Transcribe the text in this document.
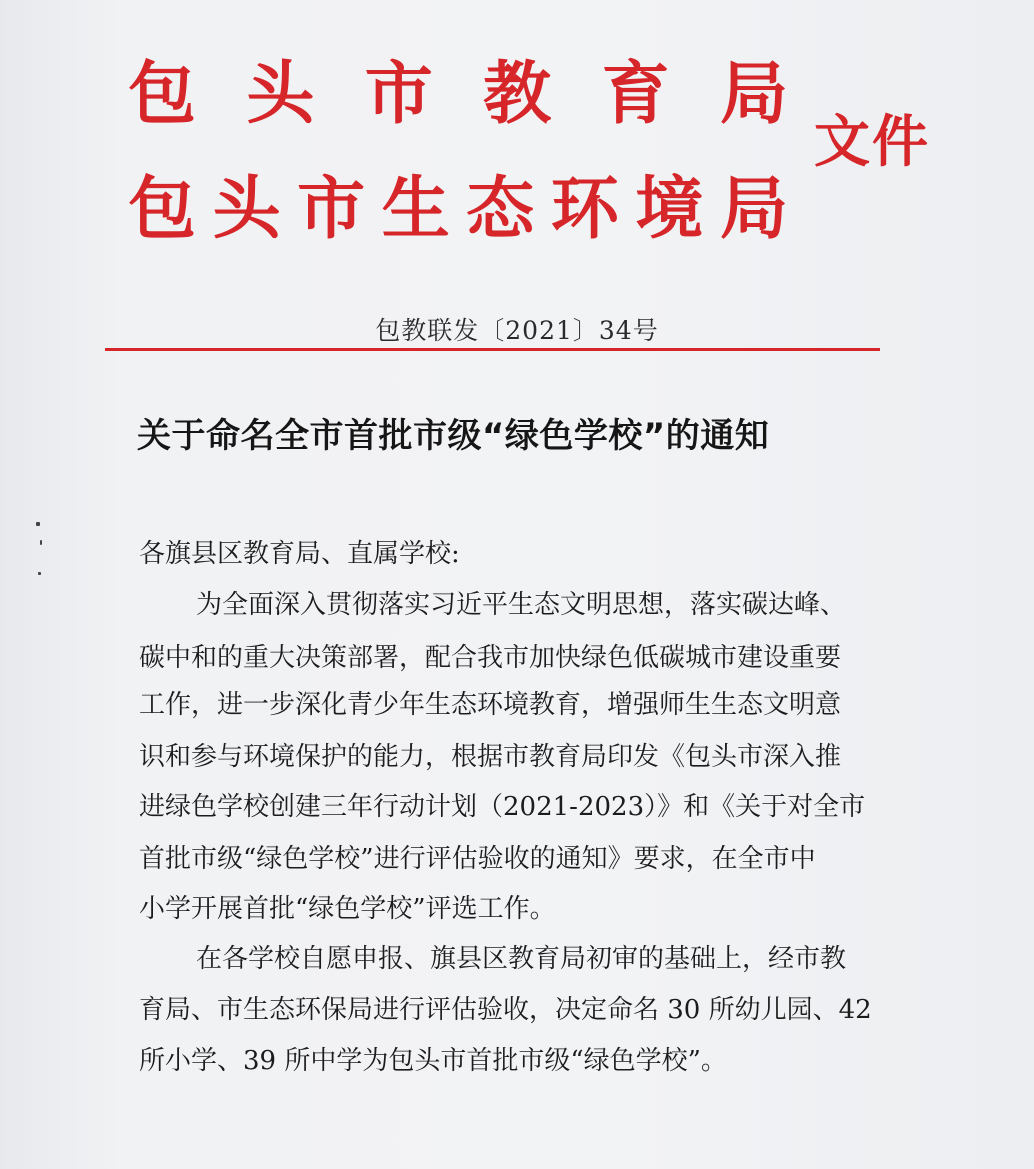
包 头 市 教 育 局
文件
包 头 市 生 态 环 境 局
包教联发〔2021〕34号
关于命名全市首批市级“绿色学校”的通知
各旗县区教育局、直属学校:
为全面深入贯彻落实习近平生态文明思想，落实碳达峰、
碳中和的重大决策部署，配合我市加快绿色低碳城市建设重要
工作，进一步深化青少年生态环境教育，增强师生生态文明意
识和参与环境保护的能力，根据市教育局印发《包头市深入推
进绿色学校创建三年行动计划（2021-2023）》和《关于对全市
首批市级“绿色学校”进行评估验收的通知》要求，在全市中
小学开展首批“绿色学校”评选工作。
在各学校自愿申报、旗县区教育局初审的基础上，经市教
育局、市生态环保局进行评估验收，决定命名 30 所幼儿园、42
所小学、39 所中学为包头市首批市级“绿色学校”。
